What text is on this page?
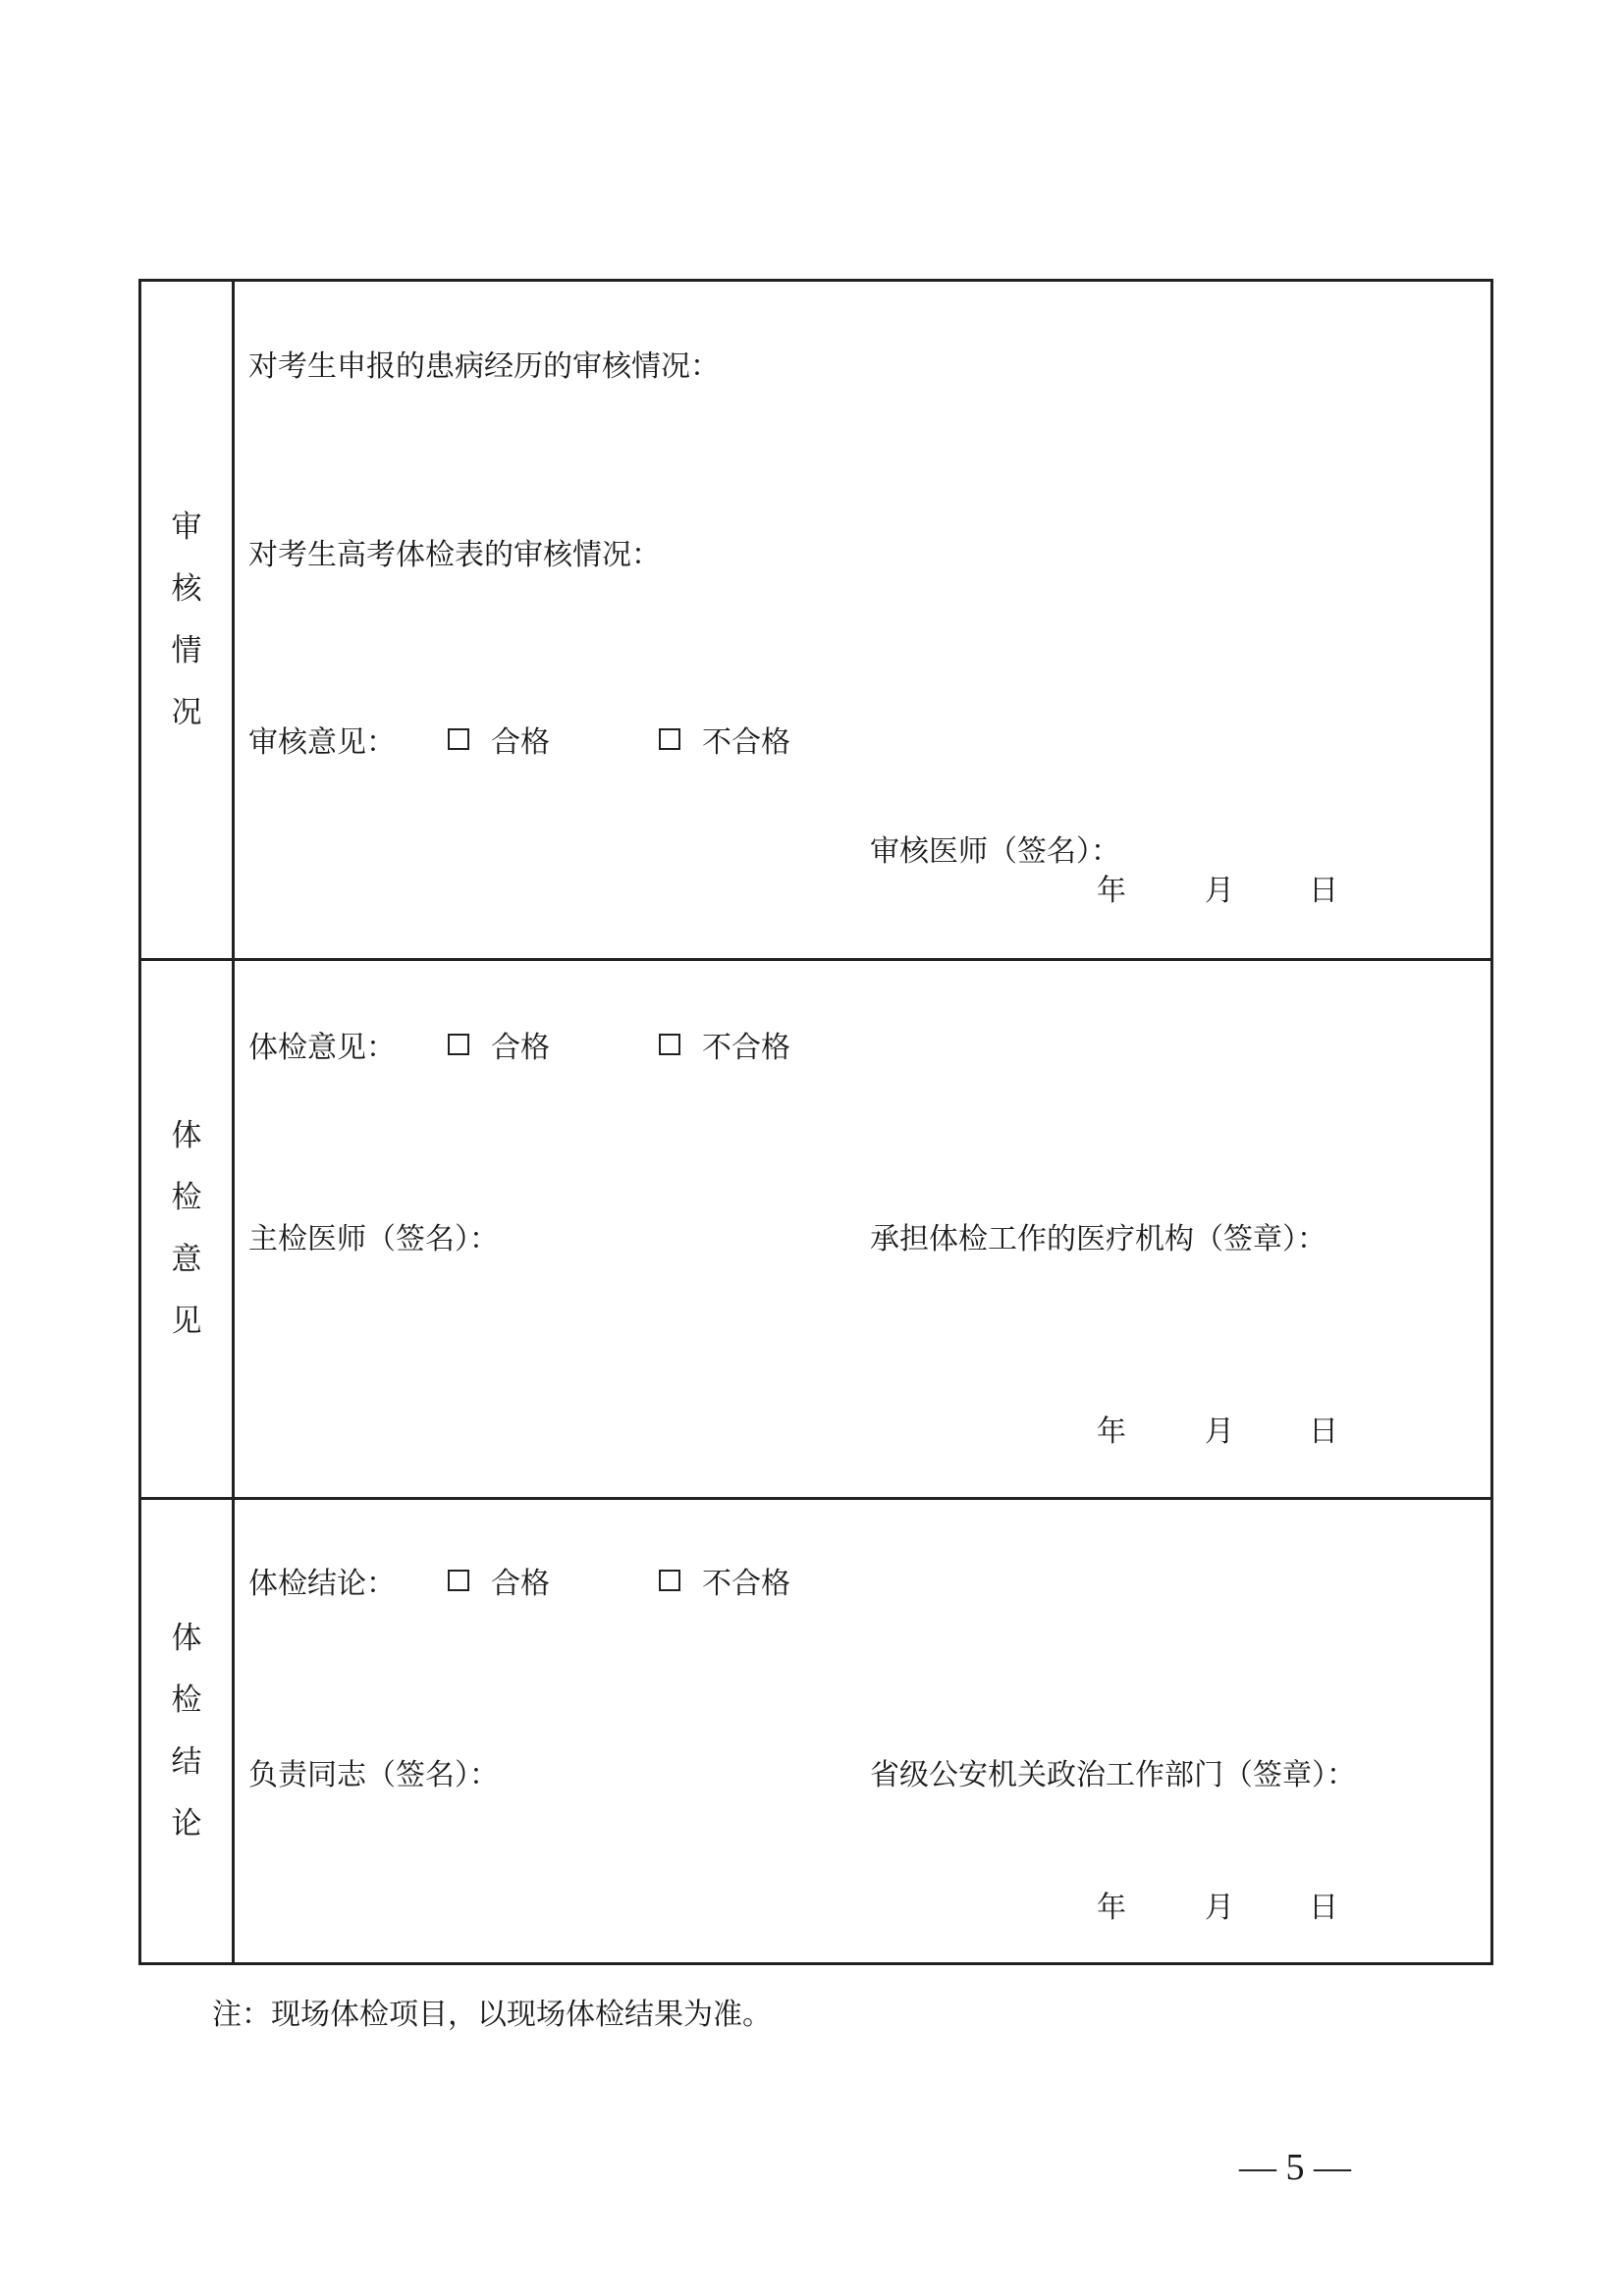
审
核
情
况
对考生申报的患病经历的审核情况：
对考生高考体检表的审核情况：
审核意见：	合格	不合格
审核医师（签名）：
年	月	日
体
检
意
见
体检意见：	合格	不合格
主检医师（签名）：	承担体检工作的医疗机构（签章）：
年	月	日
体
检
结
论
体检结论：	合格	不合格
负责同志（签名）：	省级公安机关政治工作部门（签章）：
年	月	日
注：现场体检项目，以现场体检结果为准。
— 5 —
